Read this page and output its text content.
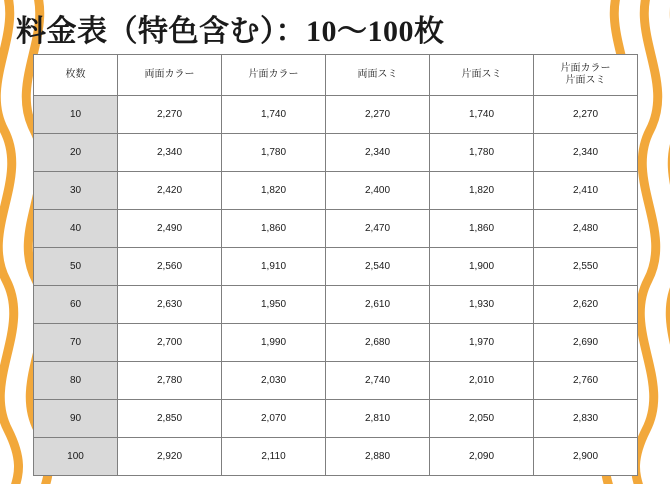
料金表（特色含む）：10〜100枚
枚数	両面カラー	片面カラー	両面スミ	片面スミ	片面カラー
片面スミ

10	2,270	1,740	2,270	1,740	2,270
20	2,340	1,780	2,340	1,780	2,340
30	2,420	1,820	2,400	1,820	2,410
40	2,490	1,860	2,470	1,860	2,480
50	2,560	1,910	2,540	1,900	2,550
60	2,630	1,950	2,610	1,930	2,620
70	2,700	1,990	2,680	1,970	2,690
80	2,780	2,030	2,740	2,010	2,760
90	2,850	2,070	2,810	2,050	2,830
100	2,920	2,110	2,880	2,090	2,900
